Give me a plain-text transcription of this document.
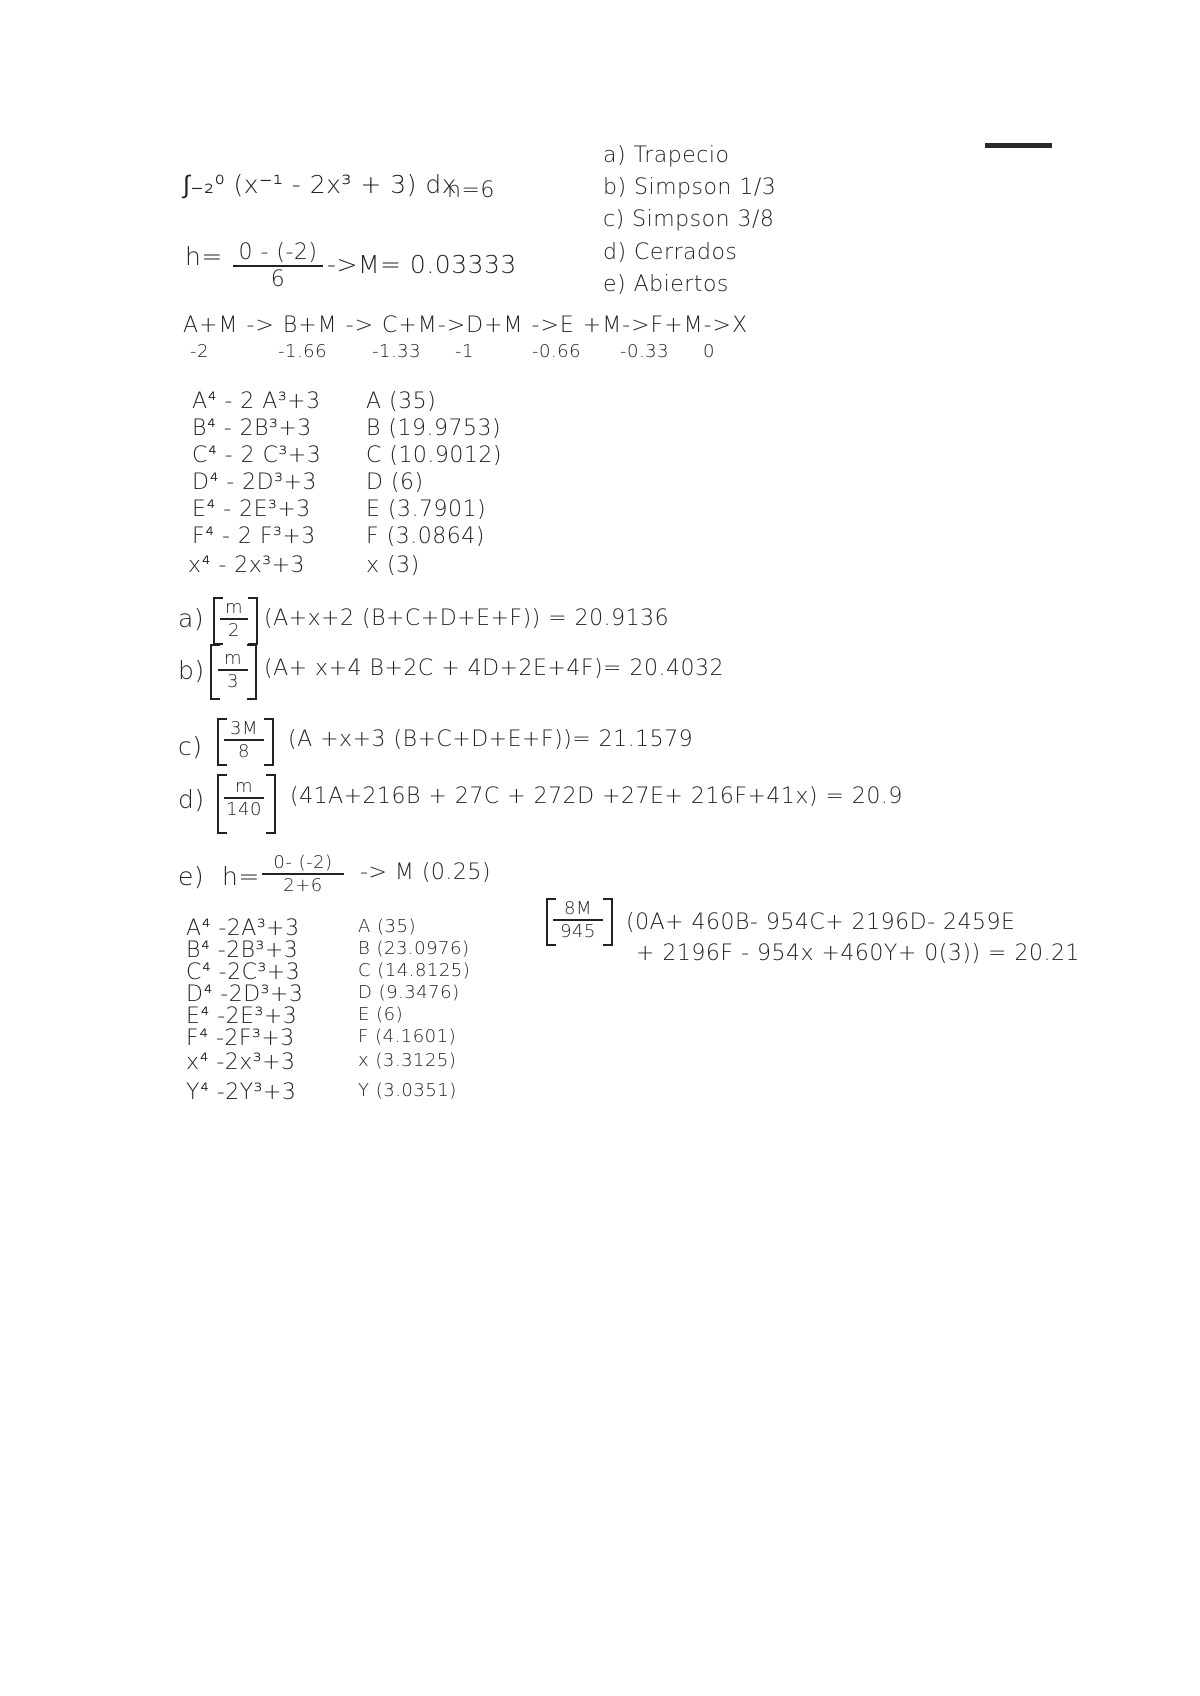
∫₋₂⁰ (x⁻¹ - 2x³ + 3) dx
n=6
$h= \frac{0 - (-2)}{6} ->M= 0.03333$
a) Trapecio
b) Simpson 1/3
c) Simpson 3/8
d) Cerrados
e) Abiertos
A+M -> B+M -> C+M->D+M ->E +M->F+M->X
-2	-1.66 -1.33 -1	-0.66 -0.33 0
A⁴ - 2 A³+3 A (35)
B⁴ - 2B³+3 B (19.9753)
C⁴ - 2 C³+3 C (10.9012)
D⁴ - 2D³+3 D (6)
E⁴ - 2E³+3	E (3.7901)
F⁴ - 2 F³+3 F (3.0864)
x⁴ - 2x³+3	x (3)
$a) \frac{m}{2} (A+x+2$ (B+C+D+E+F)) = 20.9136
$b) \frac{m}{3} (A+ x+4$ B+2C + 4D+2E+4F)= 20.4032
$c) \frac{3M}{8} (A +x+3$ (B+C+D+E+F))= 21.1579
$d) \frac{m}{140} (41A+216B + 27C + 272D +27E+ 216F+41x) = 20.9$
e) $h= \frac{0- (-2)}{2+6} -> M$ (0.25)
A⁴ -2A³+3	A (35)
B⁴ -2B³+3	B (23.0976)
C⁴ -2C³+3	C (14.8125)
D⁴ -2D³+3	D (9.3476)
E⁴ -2E³+3	E (6)
F⁴ -2F³+3	F (4.1601)
x⁴ -2x³+3	x (3.3125)
Y⁴ -2Y³+3	Y (3.0351)
$\frac{8M}{945} (0A+ 460B-$ 954C+ 2196D- 2459E
+ 2196F - 954x +460Y+ 0(3)) = 20.21
